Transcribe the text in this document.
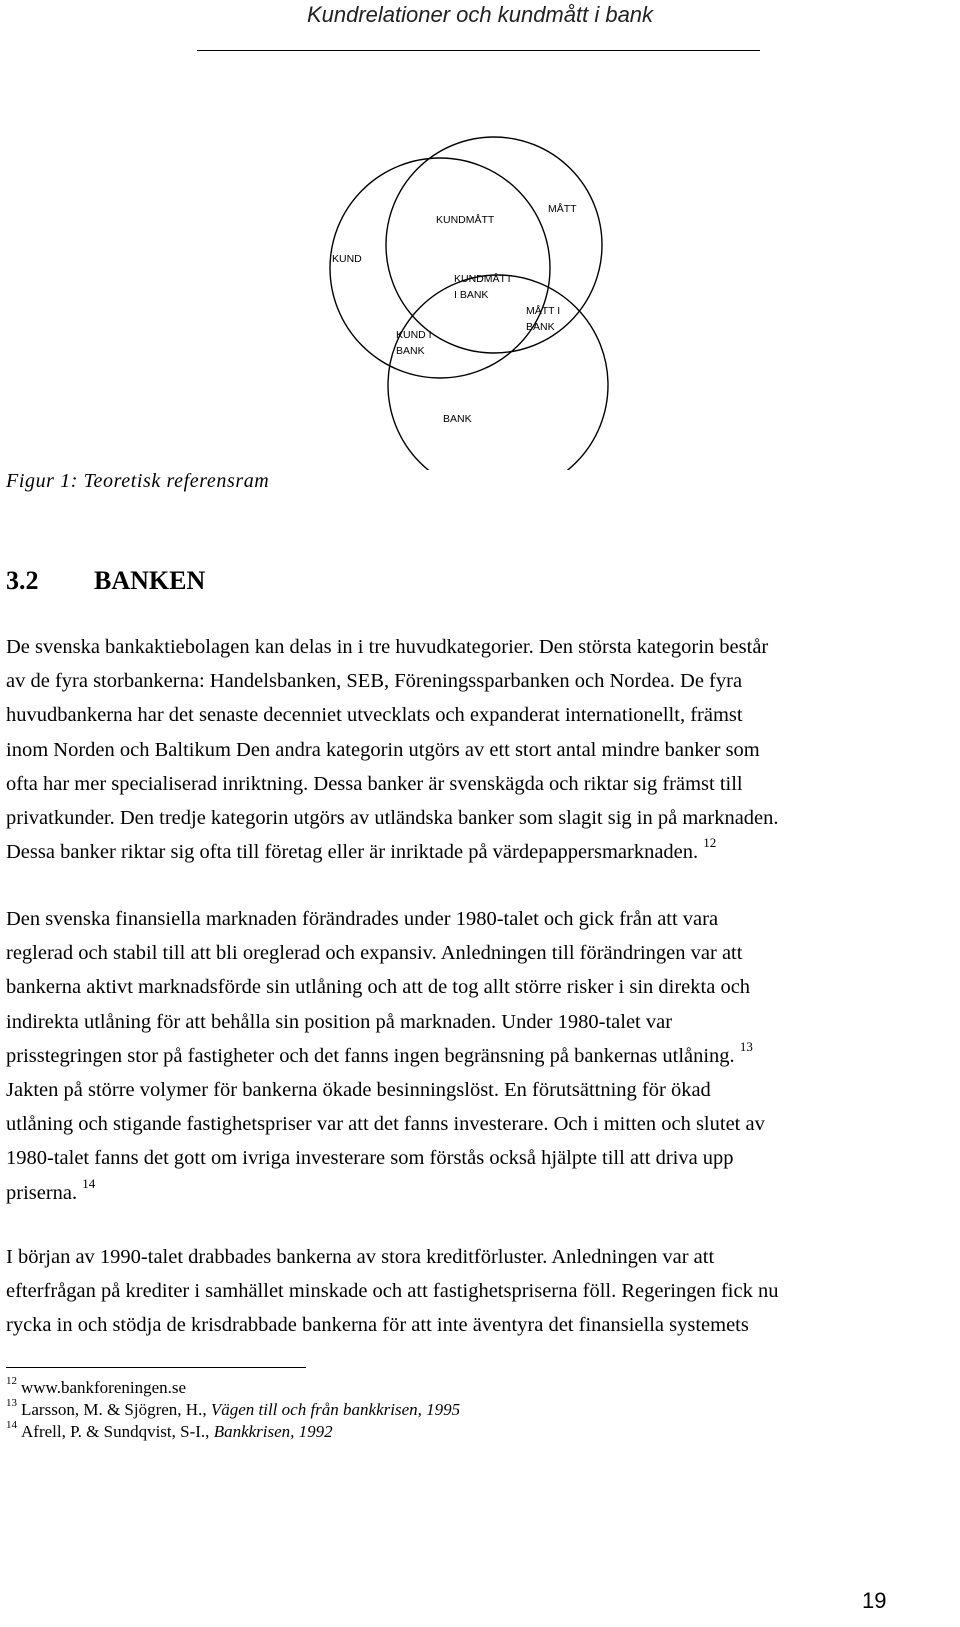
Kundrelationer och kundmått i bank
KUND
KUNDMÅTT
MÅTT
KUNDMÅTT
I BANK
MÅTT I
BANK
KUND I
BANK
BANK
Figur 1: Teoretisk referensram
3.2 BANKEN
De svenska bankaktiebolagen kan delas in i tre huvudkategorier. Den största kategorin består
av de fyra storbankerna: Handelsbanken, SEB, Föreningssparbanken och Nordea. De fyra
huvudbankerna har det senaste decenniet utvecklats och expanderat internationellt, främst
inom Norden och Baltikum Den andra kategorin utgörs av ett stort antal mindre banker som
ofta har mer specialiserad inriktning. Dessa banker är svenskägda och riktar sig främst till
privatkunder. Den tredje kategorin utgörs av utländska banker som slagit sig in på marknaden.
Dessa banker riktar sig ofta till företag eller är inriktade på värdepappersmarknaden. $^{12}$
Den svenska finansiella marknaden förändrades under 1980-talet och gick från att vara
reglerad och stabil till att bli oreglerad och expansiv. Anledningen till förändringen var att
bankerna aktivt marknadsförde sin utlåning och att de tog allt större risker i sin direkta och
indirekta utlåning för att behålla sin position på marknaden. Under 1980-talet var
prisstegringen stor på fastigheter och det fanns ingen begränsning på bankernas utlåning. $^{13}$
Jakten på större volymer för bankerna ökade besinningslöst. En förutsättning för ökad
utlåning och stigande fastighetspriser var att det fanns investerare. Och i mitten och slutet av
1980-talet fanns det gott om ivriga investerare som förstås också hjälpte till att driva upp
priserna. $^{14}$
I början av 1990-talet drabbades bankerna av stora kreditförluster. Anledningen var att
efterfrågan på krediter i samhället minskade och att fastighetspriserna föll. Regeringen fick nu
rycka in och stödja de krisdrabbade bankerna för att inte äventyra det finansiella systemets
$^{12}$ www.bankforeningen.se
$^{13}$ Larsson, M. & Sjögren, H., Vägen till och från bankkrisen, 1995
$^{14}$ Afrell, P. & Sundqvist, S-I., Bankkrisen, 1992
19
